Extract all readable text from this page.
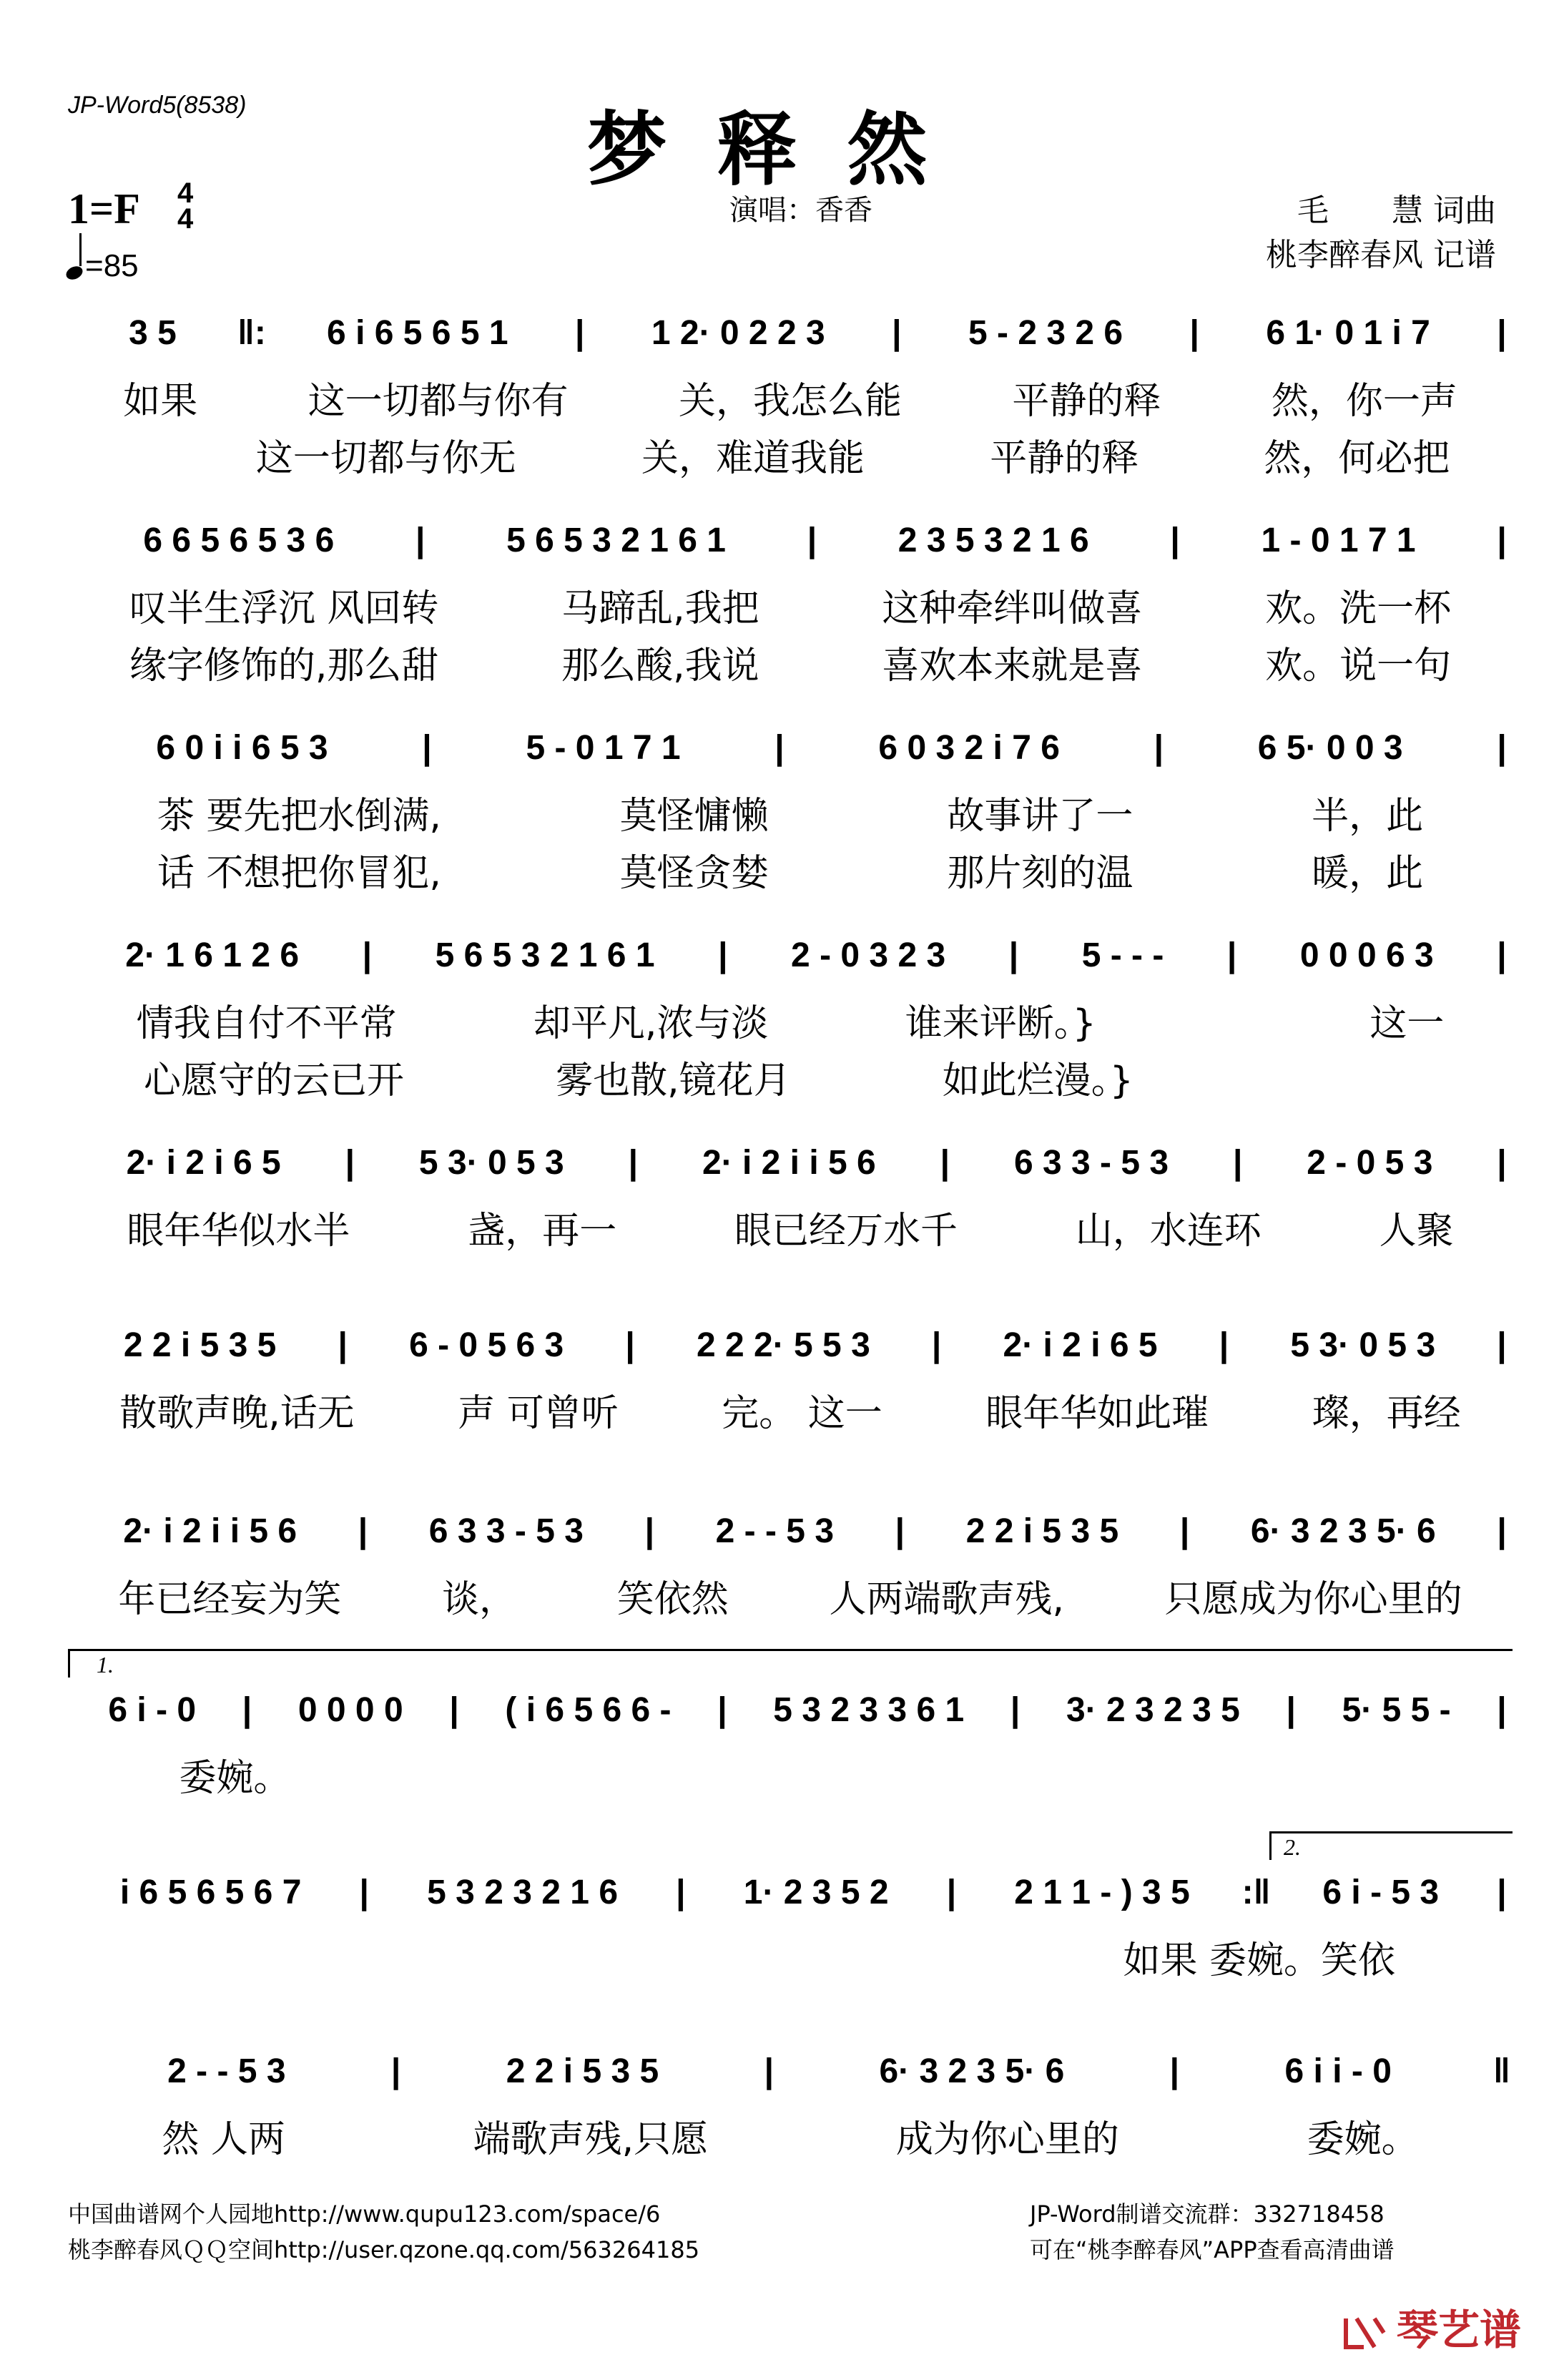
JP-Word5(8538)	梦释然
1=F 4
4
=85
演唱：香香	毛　　慧 词曲
桃李醉春风 记谱
3 5	‖:	6 i 6 5 6 5 1	|	1 2· 0 2 2 3	|	5 - 2 3 2 6	|	6 1· 0 1 i 7	|
如果	这一切都与你有	关，我怎么能	平静的释	然，你一声
这一切都与你无	关，难道我能	平静的释	然，何必把
6 6 5 6 5 3 6	|	5 6 5 3 2 1 6 1	|	2 3 5 3 2 1 6	|	1 - 0 1 7 1	|
叹半生浮沉 风回转	马蹄乱,我把	这种牵绊叫做喜	欢。洗一杯
缘字修饰的,那么甜	那么酸,我说	喜欢本来就是喜	欢。说一句
6 0 i i 6 5 3	|	5 - 0 1 7 1	|	6 0 3 2 i 7 6	|	6 5· 0 0 3	|
茶 要先把水倒满,	莫怪慵懒	故事讲了一	半，此
话 不想把你冒犯,	莫怪贪婪	那片刻的温	暖，此
2· 1 6 1 2 6	|	5 6 5 3 2 1 6 1	|	2 - 0 3 2 3	|	5 - - -	|	0 0 0 6 3	|
情我自付不平常	却平凡,浓与淡	谁来评断。}	这一
心愿守的云已开	雾也散,镜花月	如此烂漫。}
2· i 2 i 6 5	|	5 3· 0 5 3	|	2· i 2 i i 5 6	|	6 3 3 - 5 3	|	2 - 0 5 3	|
眼年华似水半	盏，再一	眼已经万水千	山，水连环	人聚
2 2 i 5 3 5	|	6 - 0 5 6 3	|	2 2 2· 5 5 3	|	2· i 2 i 6 5	|	5 3· 0 5 3	|
散歌声晚,话无	声 可曾听	完。 这一	眼年华如此璀	璨，再经
2· i 2 i i 5 6	|	6 3 3 - 5 3	|	2 - - 5 3	|	2 2 i 5 3 5	|	6· 3 2 3 5· 6	|
年已经妄为笑	谈，	笑依然	人两端歌声残,	只愿成为你心里的
1.
6 i - 0	|	0 0 0 0	|	( i 6 5 6 6 -	|	5 3 2 3 3 6 1	|	3· 2 3 2 3 5	|	5· 5 5 -	|
委婉。
2.
i 6 5 6 5 6 7	|	5 3 2 3 2 1 6	|	1· 2 3 5 2	|	2 1 1 - ) 3 5	:‖	6 i - 5 3	|
如果 委婉。笑依
2 - - 5 3	|	2 2 i 5 3 5	|	6· 3 2 3 5· 6	|	6 i i - 0	‖
然 人两	端歌声残,只愿	成为你心里的	委婉。
中国曲谱网个人园地http://www.qupu123.com/space/6
桃李醉春风ＱＱ空间http://user.qzone.qq.com/563264185
JP-Word制谱交流群：332718458
可在“桃李醉春风”APP查看高清曲谱
琴艺谱
